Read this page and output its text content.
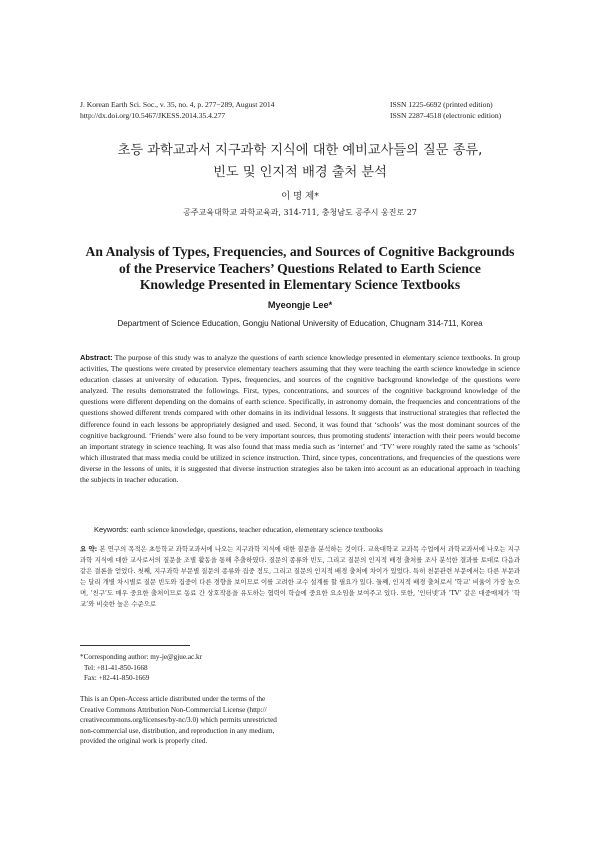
J. Korean Earth Sci. Soc., v. 35, no. 4, p. 277−289, August 2014
http://dx.doi.org/10.5467/JKESS.2014.35.4.277
ISSN 1225-6692 (printed edition)
ISSN 2287-4518 (electronic edition)
초등 과학교과서 지구과학 지식에 대한 예비교사들의 질문 종류,
빈도 및 인지적 배경 출처 분석
이 명 제*
공주교육대학교 과학교육과, 314-711, 충청남도 공주시 웅진로 27
An Analysis of Types, Frequencies, and Sources of Cognitive Backgrounds
of the Preservice Teachers’ Questions Related to Earth Science
Knowledge Presented in Elementary Science Textbooks
Myeongje Lee*
Department of Science Education, Gongju National University of Education, Chugnam 314-711, Korea
Abstract: The purpose of this study was to analyze the questions of earth science knowledge presented in elementary science textbooks. In group activities, The questions were created by preservice elementary teachers assuming that they were teaching the earth science knowledge in science education classes at university of education. Types, frequencies, and sources of the cognitive background knowledge of the questions were analyzed. The results demonstrated the followings. First, types, concentrations, and sources of the cognitive background knowledge of the questions were different depending on the domains of earth science. Specifically, in astronomy domain, the frequencies and concentrations of the questions showed different trends compared with other domains in its individual lessons. It suggests that instructional strategies that reflected the difference found in each lessons be appropriately designed and used. Second, it was found that ‘schools’ was the most dominant sources of the cognitive background. ‘Friends’ were also found to be very important sources, thus promoting students' interaction with their peers would become an important strategy in science teaching. It was also found that mass media such as ‘internet’ and ‘TV’ were roughly rated the same as ‘schools’ which illustrated that mass media could be utilized in science instruction. Third, since types, concentrations, and frequencies of the questions were diverse in the lessons of units, it is suggested that diverse instruction strategies also be taken into account as an educational approach in teaching the subjects in teacher education.
Keywords: earth science knowledge, questions, teacher education, elementary science textbooks
요 약: 본 연구의 목적은 초등학교 과학교과서에 나오는 지구과학 지식에 대한 질문을 분석하는 것이다. 교육대학교 교과목 수업에서 과학교과서에 나오는 지구과학 지식에 대한 교사로서의 질문을 조별 활동을 통해 추출하였다. 질문의 종류와 빈도, 그리고 질문의 인지적 배경 출처를 조사 분석한 결과를 토대로 다음과 같은 결론을 얻었다. 첫째, 지구과학 부문별 질문의 종류와 집중 정도, 그리고 질문의 인지적 배경 출처에 차이가 있었다. 특히 천문관련 부문에서는 다른 부문과는 달리 개별 차시별로 질문 빈도와 집중이 다른 경향을 보이므로 이를 고려한 교수 설계를 할 필요가 있다. 둘째, 인지적 배경 출처로서 ‘학교’ 비율이 가장 높으며, ‘친구’도 매우 중요한 출처이므로 동료 간 상호작용을 유도하는 협력이 학습에 중요한 요소임을 보여주고 있다. 또한, ‘인터넷’과 ‘TV’ 같은 대중매체가 ‘학교’와 비슷한 높은 수준으로
*Corresponding author: my-je@gjue.ac.kr
Tel: +81-41-850-1668
Fax: +82-41-850-1669
This is an Open-Access article distributed under the terms of the
Creative Commons Attribution Non-Commercial License (http://
creativecommons.org/licenses/by-nc/3.0) which permits unrestricted
non-commercial use, distribution, and reproduction in any medium,
provided the original work is properly cited.
